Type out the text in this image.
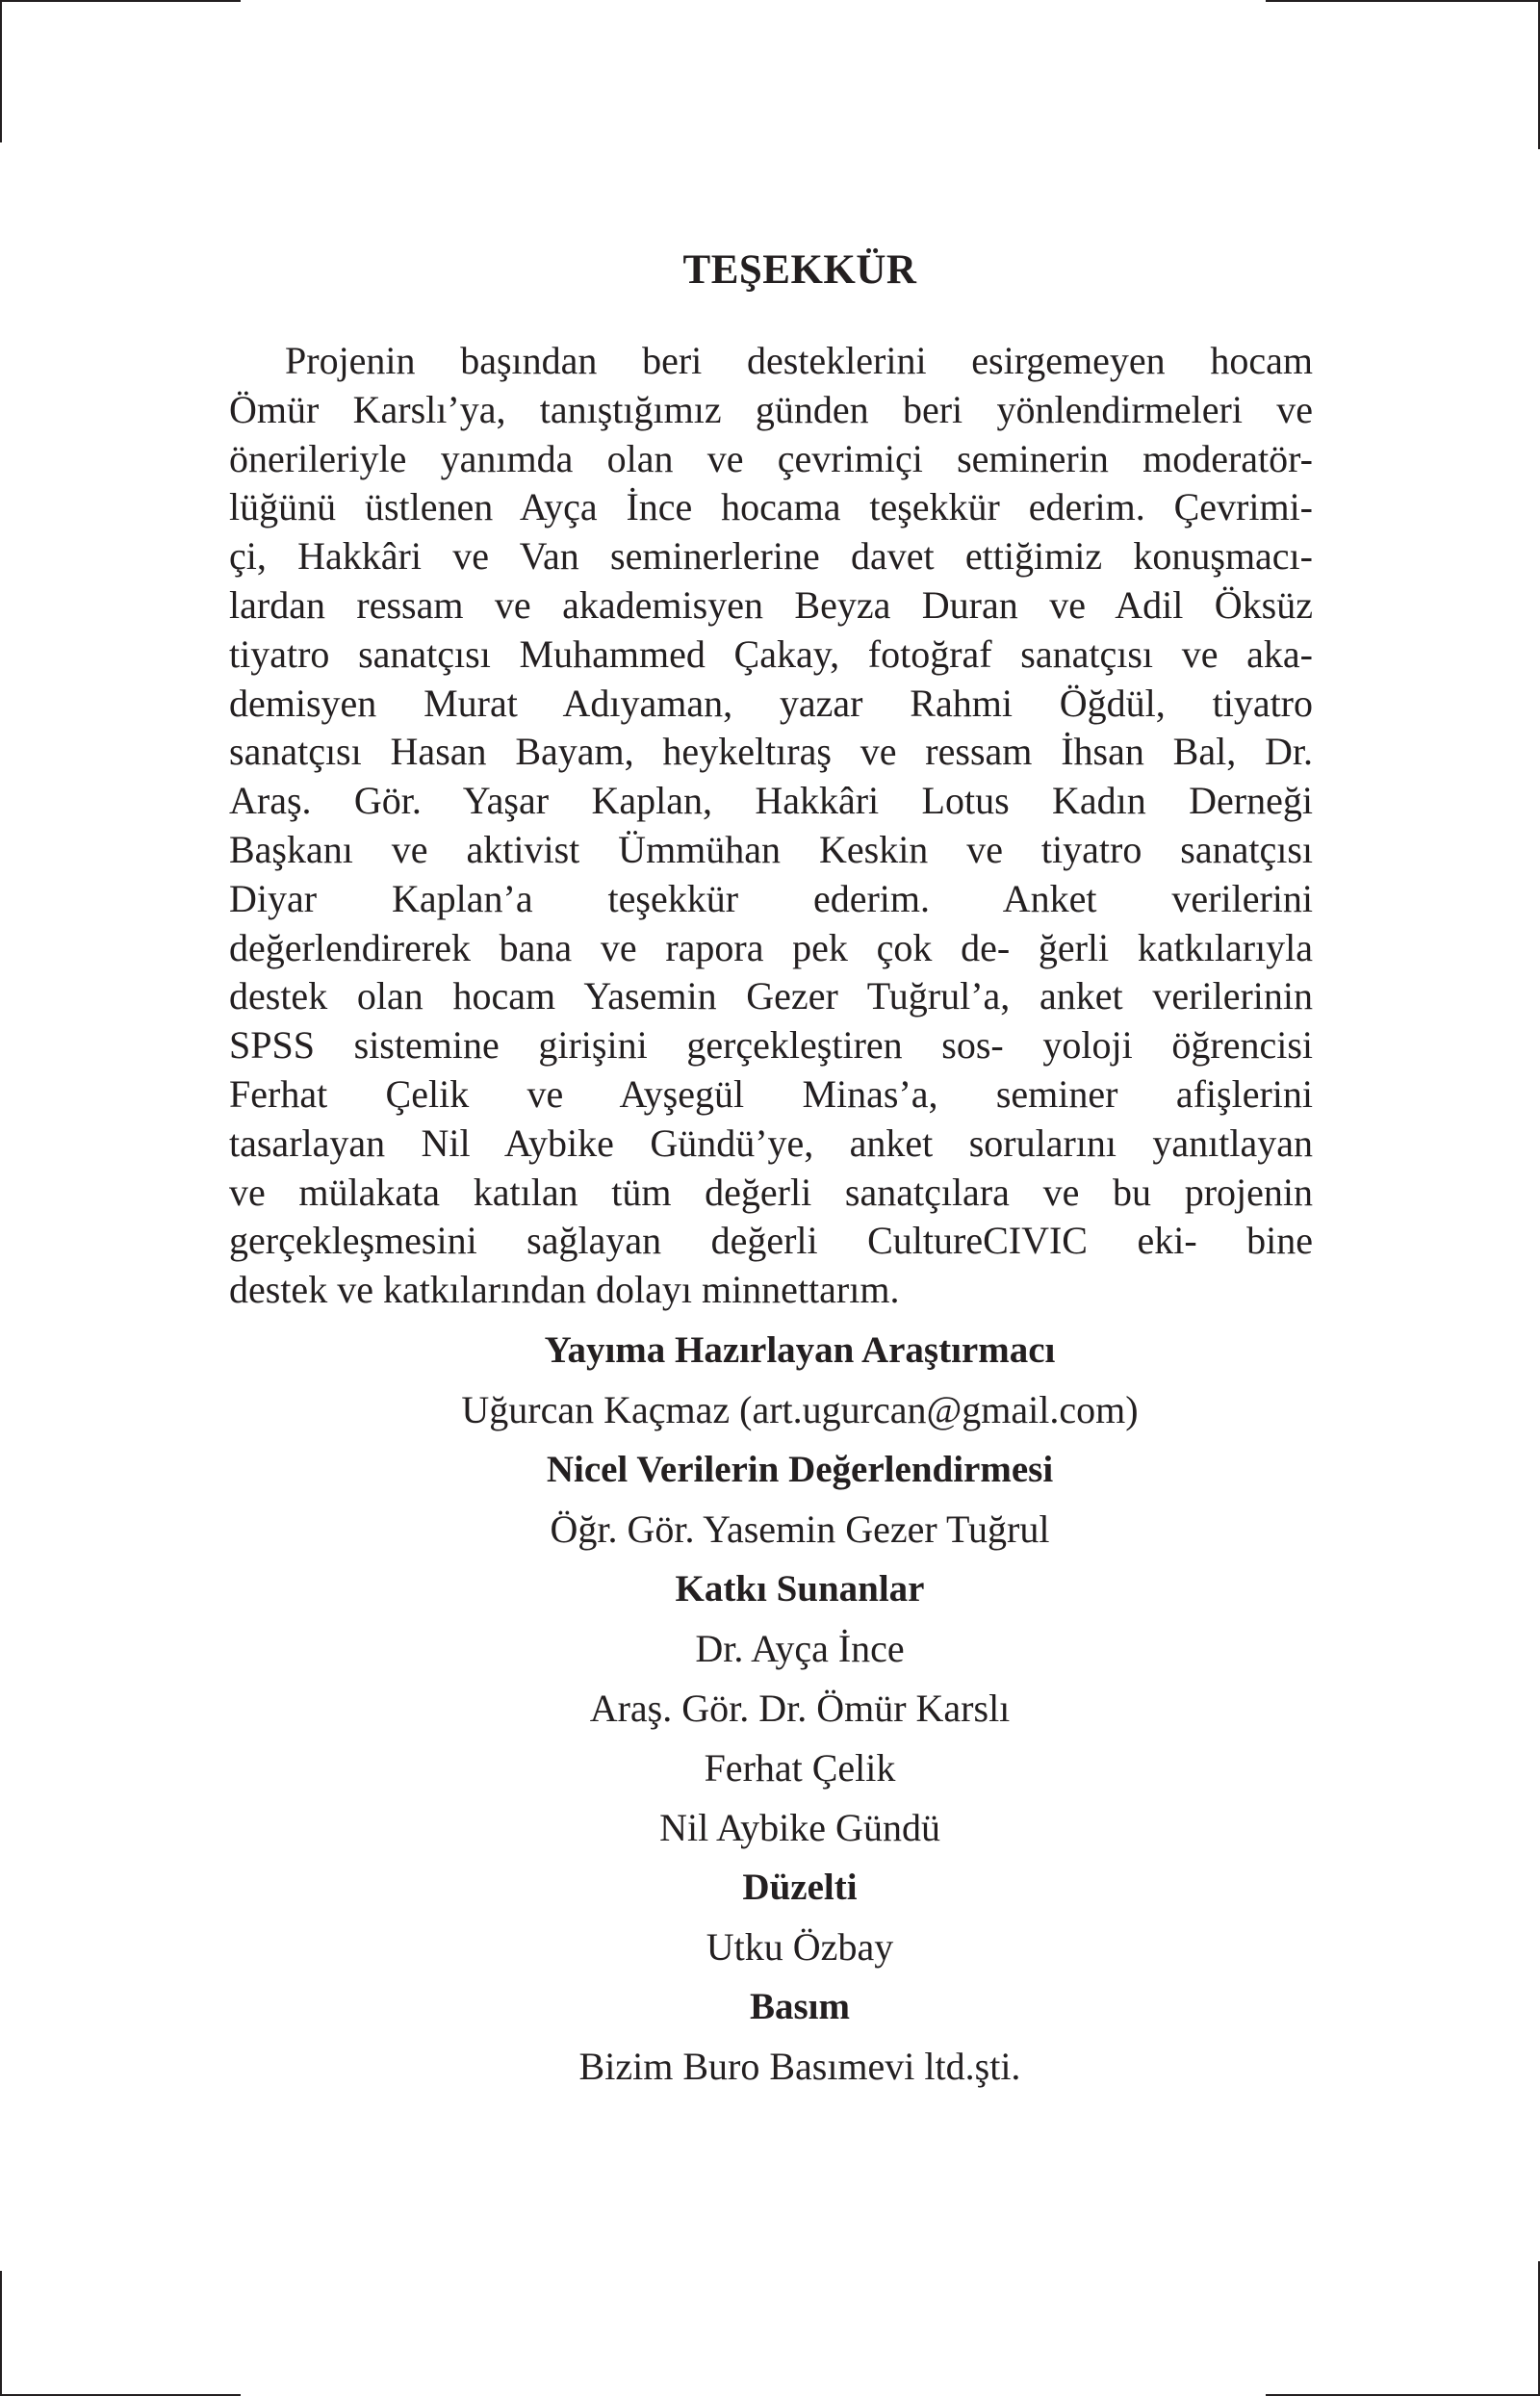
TEŞEKKÜR
Projenin başından beri desteklerini esirgemeyen hocam
Ömür Karslı’ya, tanıştığımız günden beri yönlendirmeleri ve
önerileriyle yanımda olan ve çevrimiçi seminerin moderatör-
lüğünü üstlenen Ayça İnce hocama teşekkür ederim. Çevrimi-
çi, Hakkâri ve Van seminerlerine davet ettiğimiz konuşmacı-
lardan ressam ve akademisyen Beyza Duran ve Adil Öksüz
tiyatro sanatçısı Muhammed Çakay, fotoğraf sanatçısı ve aka-
demisyen Murat Adıyaman, yazar Rahmi Öğdül, tiyatro
sanatçısı Hasan Bayam, heykeltıraş ve ressam İhsan Bal, Dr.
Araş. Gör. Yaşar Kaplan, Hakkâri Lotus Kadın Derneği
Başkanı ve aktivist Ümmühan Keskin ve tiyatro sanatçısı
Diyar Kaplan’a teşekkür ederim. Anket verilerini
değerlendirerek bana ve rapora pek çok de- ğerli katkılarıyla
destek olan hocam Yasemin Gezer Tuğrul’a, anket verilerinin
SPSS sistemine girişini gerçekleştiren sos- yoloji öğrencisi
Ferhat Çelik ve Ayşegül Minas’a, seminer afişlerini
tasarlayan Nil Aybike Gündü’ye, anket sorularını yanıtlayan
ve mülakata katılan tüm değerli sanatçılara ve bu projenin
gerçekleşmesini sağlayan değerli CultureCIVIC eki- bine
destek ve katkılarından dolayı minnettarım.
Yayıma Hazırlayan Araştırmacı
Uğurcan Kaçmaz (art.ugurcan@gmail.com)
Nicel Verilerin Değerlendirmesi
Öğr. Gör. Yasemin Gezer Tuğrul
Katkı Sunanlar
Dr. Ayça İnce
Araş. Gör. Dr. Ömür Karslı
Ferhat Çelik
Nil Aybike Gündü
Düzelti
Utku Özbay
Basım
Bizim Buro Basımevi ltd.şti.
